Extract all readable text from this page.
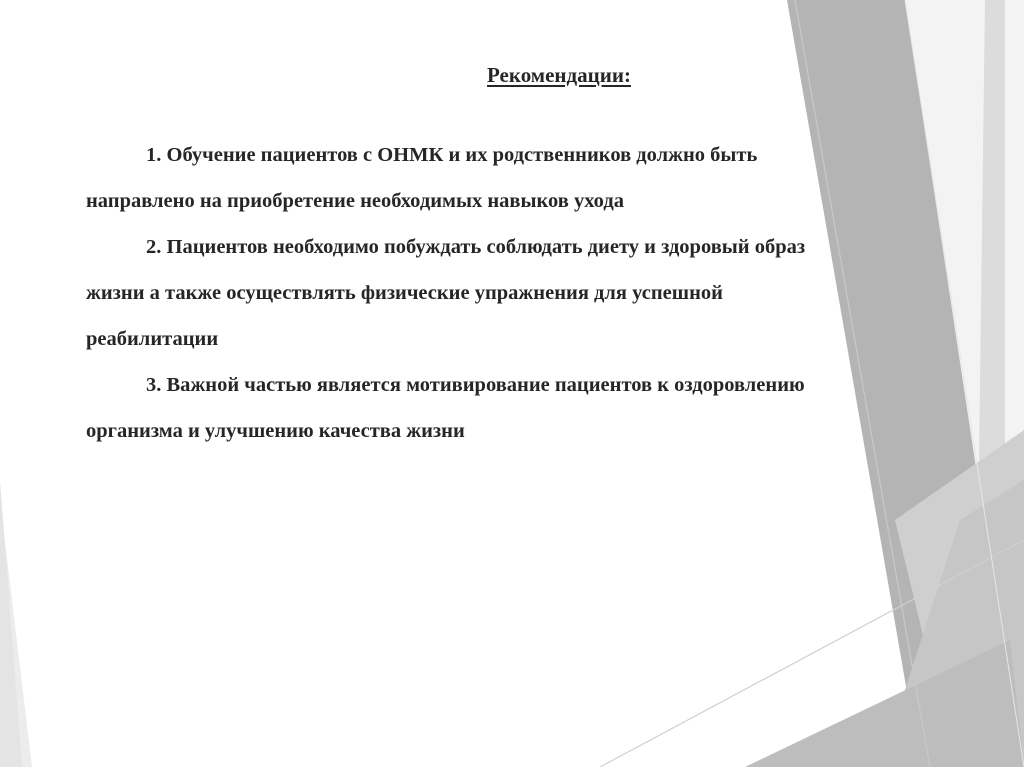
Рекомендации:

1. Обучение пациентов с ОНМК и их родственников должно быть
направлено на приобретение необходимых навыков ухода

2. Пациентов необходимо побуждать соблюдать диету и здоровый образ
жизни а также осуществлять физические упражнения для успешной
реабилитации

3. Важной частью является мотивирование пациентов к оздоровлению
организма и улучшению качества жизни
